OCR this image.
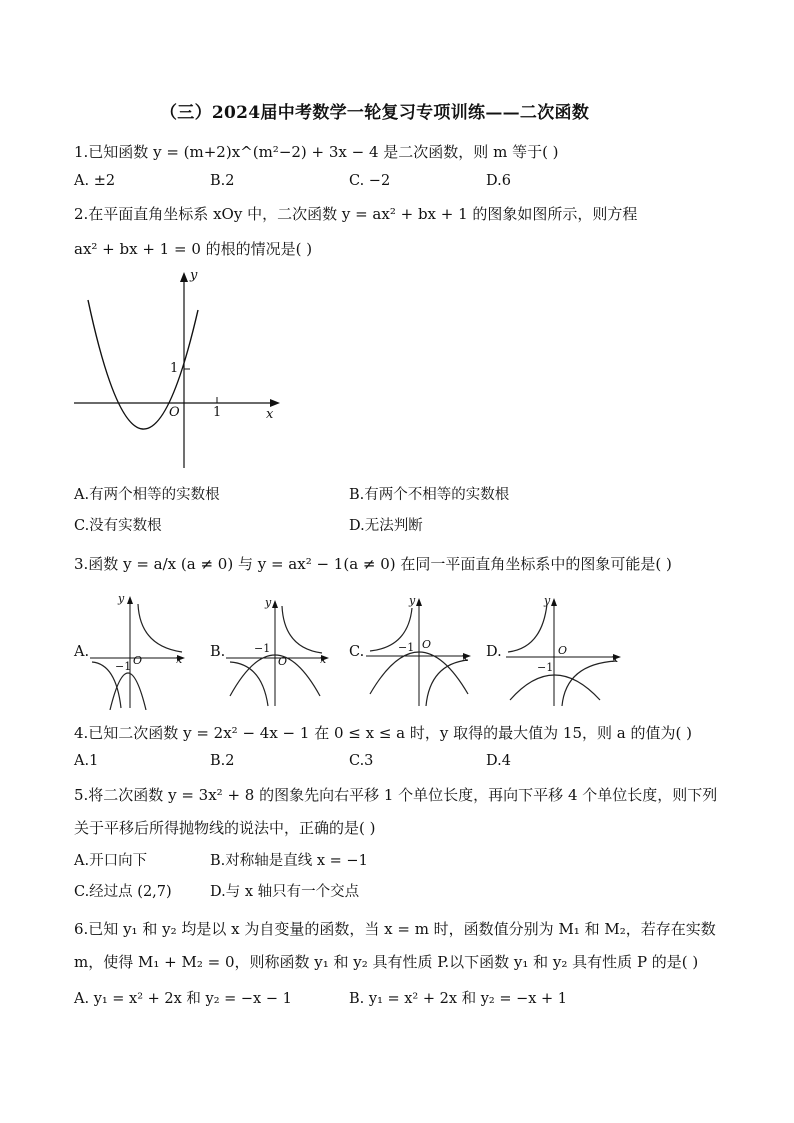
（三）2024届中考数学一轮复习专项训练——二次函数
1.已知函数 y = (m+2)x^(m²−2) + 3x − 4 是二次函数，则 m 等于( )
A. ±2	B.2	C. −2	D.6
2.在平面直角坐标系 xOy 中，二次函数 y = ax² + bx + 1 的图象如图所示，则方程
ax² + bx + 1 = 0 的根的情况是( )
y
x
O	1
1
A.有两个相等的实数根	B.有两个不相等的实数根
C.没有实数根	D.无法判断
3.函数 y = a/x (a ≠ 0) 与 y = ax² − 1(a ≠ 0) 在同一平面直角坐标系中的图象可能是( )
A.
y
x
O
−1
B.
y
x
O
−1	C.
y
x
O
−1	D.
y
x
O
−1
4.已知二次函数 y = 2x² − 4x − 1 在 0 ≤ x ≤ a 时，y 取得的最大值为 15，则 a 的值为( )
A.1	B.2	C.3	D.4
5.将二次函数 y = 3x² + 8 的图象先向右平移 1 个单位长度，再向下平移 4 个单位长度，则下列
关于平移后所得抛物线的说法中，正确的是( )
A.开口向下	B.对称轴是直线 x = −1
C.经过点 (2,7)	D.与 x 轴只有一个交点
6.已知 y₁ 和 y₂ 均是以 x 为自变量的函数，当 x = m 时，函数值分别为 M₁ 和 M₂，若存在实数
m，使得 M₁ + M₂ = 0，则称函数 y₁ 和 y₂ 具有性质 P.以下函数 y₁ 和 y₂ 具有性质 P 的是( )
A. y₁ = x² + 2x 和 y₂ = −x − 1	B. y₁ = x² + 2x 和 y₂ = −x + 1
